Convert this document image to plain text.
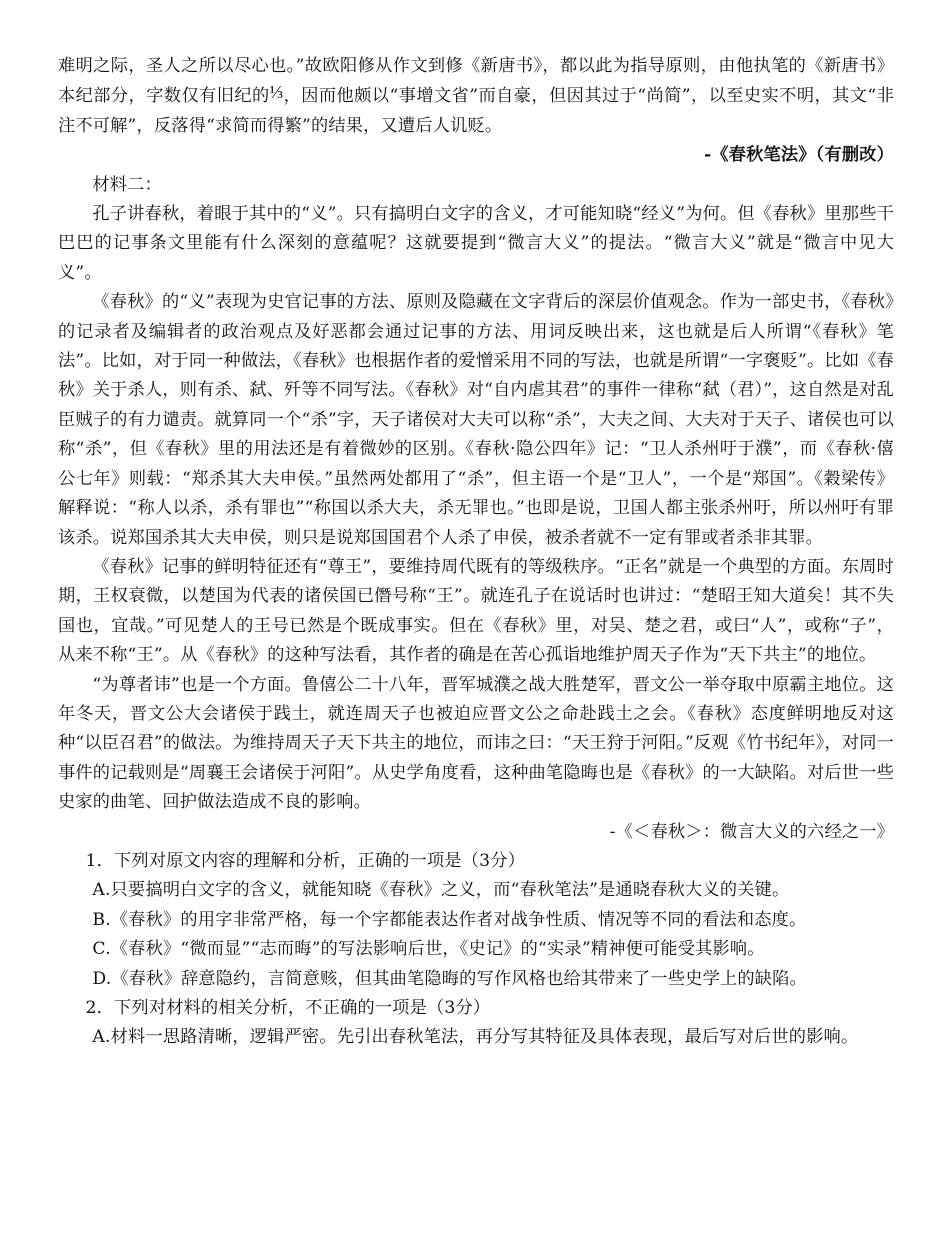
难明之际，圣人之所以尽心也。”故欧阳修从作文到修《新唐书》，都以此为指导原则，由他执笔的《新唐书》本纪部分，字数仅有旧纪的⅓，因而他颇以“事增文省”而自豪，但因其过于“尚简”，以至史实不明，其文“非注不可解”，反落得“求简而得繁”的结果，又遭后人讥贬。

-《春秋笔法》（有删改）

材料二：

孔子讲春秋，着眼于其中的“义”。只有搞明白文字的含义，才可能知晓“经义”为何。但《春秋》里那些干巴巴的记事条文里能有什么深刻的意蕴呢？这就要提到“微言大义”的提法。“微言大义”就是“微言中见大义”。

《春秋》的“义”表现为史官记事的方法、原则及隐藏在文字背后的深层价值观念。作为一部史书，《春秋》的记录者及编辑者的政治观点及好恶都会通过记事的方法、用词反映出来，这也就是后人所谓“《春秋》笔法”。比如，对于同一种做法，《春秋》也根据作者的爱憎采用不同的写法，也就是所谓“一字褒贬”。比如《春秋》关于杀人，则有杀、弑、歼等不同写法。《春秋》对“自内虐其君”的事件一律称“弑（君）”，这自然是对乱臣贼子的有力谴责。就算同一个“杀”字，天子诸侯对大夫可以称“杀”，大夫之间、大夫对于天子、诸侯也可以称“杀”，但《春秋》里的用法还是有着微妙的区别。《春秋·隐公四年》记：“卫人杀州吁于濮”，而《春秋·僖公七年》则载：“郑杀其大夫申侯。”虽然两处都用了“杀”，但主语一个是“卫人”，一个是“郑国”。《穀梁传》解释说：“称人以杀，杀有罪也”“称国以杀大夫，杀无罪也。”也即是说，卫国人都主张杀州吁，所以州吁有罪该杀。说郑国杀其大夫申侯，则只是说郑国国君个人杀了申侯，被杀者就不一定有罪或者杀非其罪。

《春秋》记事的鲜明特征还有“尊王”，要维持周代既有的等级秩序。“正名”就是一个典型的方面。东周时期，王权衰微，以楚国为代表的诸侯国已僭号称“王”。就连孔子在说话时也讲过：“楚昭王知大道矣！其不失国也，宜哉。”可见楚人的王号已然是个既成事实。但在《春秋》里，对吴、楚之君，或曰“人”，或称“子”，从来不称“王”。从《春秋》的这种写法看，其作者的确是在苦心孤诣地维护周天子作为“天下共主”的地位。

“为尊者讳”也是一个方面。鲁僖公二十八年，晋军城濮之战大胜楚军，晋文公一举夺取中原霸主地位。这年冬天，晋文公大会诸侯于践土，就连周天子也被迫应晋文公之命赴践土之会。《春秋》态度鲜明地反对这种“以臣召君”的做法。为维持周天子天下共主的地位，而讳之曰：“天王狩于河阳。”反观《竹书纪年》，对同一事件的记载则是“周襄王会诸侯于河阳”。从史学角度看，这种曲笔隐晦也是《春秋》的一大缺陷。对后世一些史家的曲笔、回护做法造成不良的影响。

-《＜春秋＞：微言大义的六经之一》

1．下列对原文内容的理解和分析，正确的一项是（3分）

A.只要搞明白文字的含义，就能知晓《春秋》之义，而“春秋笔法”是通晓春秋大义的关键。

B.《春秋》的用字非常严格，每一个字都能表达作者对战争性质、情况等不同的看法和态度。

C.《春秋》“微而显”“志而晦”的写法影响后世，《史记》的“实录”精神便可能受其影响。

D.《春秋》辞意隐约，言简意赅，但其曲笔隐晦的写作风格也给其带来了一些史学上的缺陷。

2．下列对材料的相关分析，不正确的一项是（3分）

A.材料一思路清晰，逻辑严密。先引出春秋笔法，再分写其特征及具体表现，最后写对后世的影响。
